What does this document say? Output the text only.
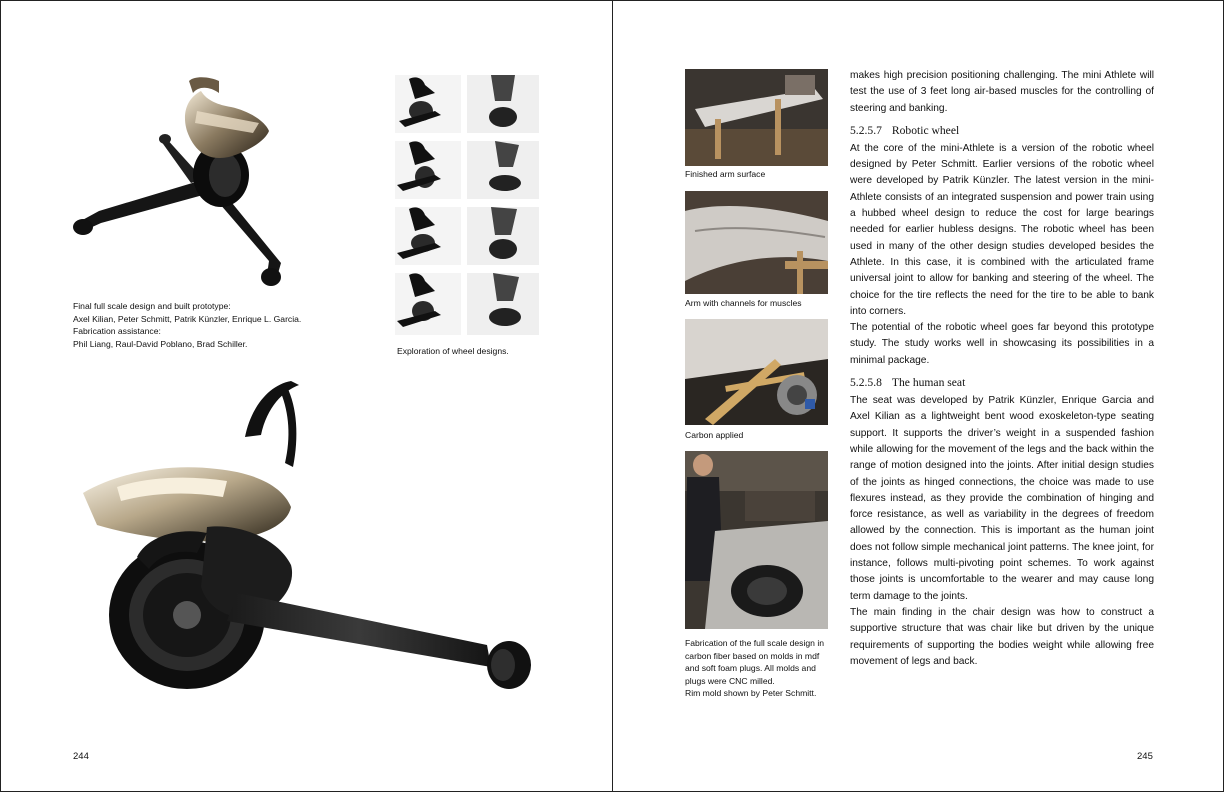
Final full scale design and built prototype:
Axel Kilian, Peter Schmitt, Patrik Künzler, Enrique L. Garcia.
Fabrication assistance:
Phil Liang, Raul-David Poblano, Brad Schiller.
Exploration of wheel designs.
244
Finished arm surface
Arm with channels for muscles
Carbon applied
Fabrication of the full scale design in
carbon fiber based on molds in mdf
and soft foam plugs. All molds and
plugs were CNC milled.
Rim mold shown by Peter Schmitt.

makes high precision positioning challenging. The mini Athlete will test the use of 3 feet long air-based muscles for the controlling of steering and banking.

5.2.5.7 Robotic wheel

At the core of the mini-Athlete is a version of the robotic wheel designed by Peter Schmitt. Earlier versions of the robotic wheel were developed by Patrik Künzler. The latest version in the mini-Athlete consists of an integrated suspension and power train using a hubbed wheel design to reduce the cost for large bearings needed for earlier hubless designs. The robotic wheel has been used in many of the other design studies developed besides the Athlete. In this case, it is combined with the articulated frame universal joint to allow for banking and steering of the wheel. The choice for the tire reflects the need for the tire to be able to bank into corners.

The potential of the robotic wheel goes far beyond this prototype study. The study works well in showcasing its possibilities in a minimal package.

5.2.5.8 The human seat

The seat was developed by Patrik Künzler, Enrique Garcia and Axel Kilian as a lightweight bent wood exoskeleton-type seating support. It supports the driver’s weight in a suspended fashion while allowing for the movement of the legs and the back within the range of motion designed into the joints. After initial design studies of the joints as hinged connections, the choice was made to use flexures instead, as they provide the combination of hinging and force resistance, as well as variability in the degrees of freedom allowed by the connection. This is important as the human joint does not follow simple mechanical joint patterns. The knee joint, for instance, follows multi-pivoting point schemes. To work against those joints is uncomfortable to the wearer and may cause long term damage to the joints.

The main finding in the chair design was how to construct a supportive structure that was chair like but driven by the unique requirements of supporting the bodies weight while allowing free movement of legs and back.

245
